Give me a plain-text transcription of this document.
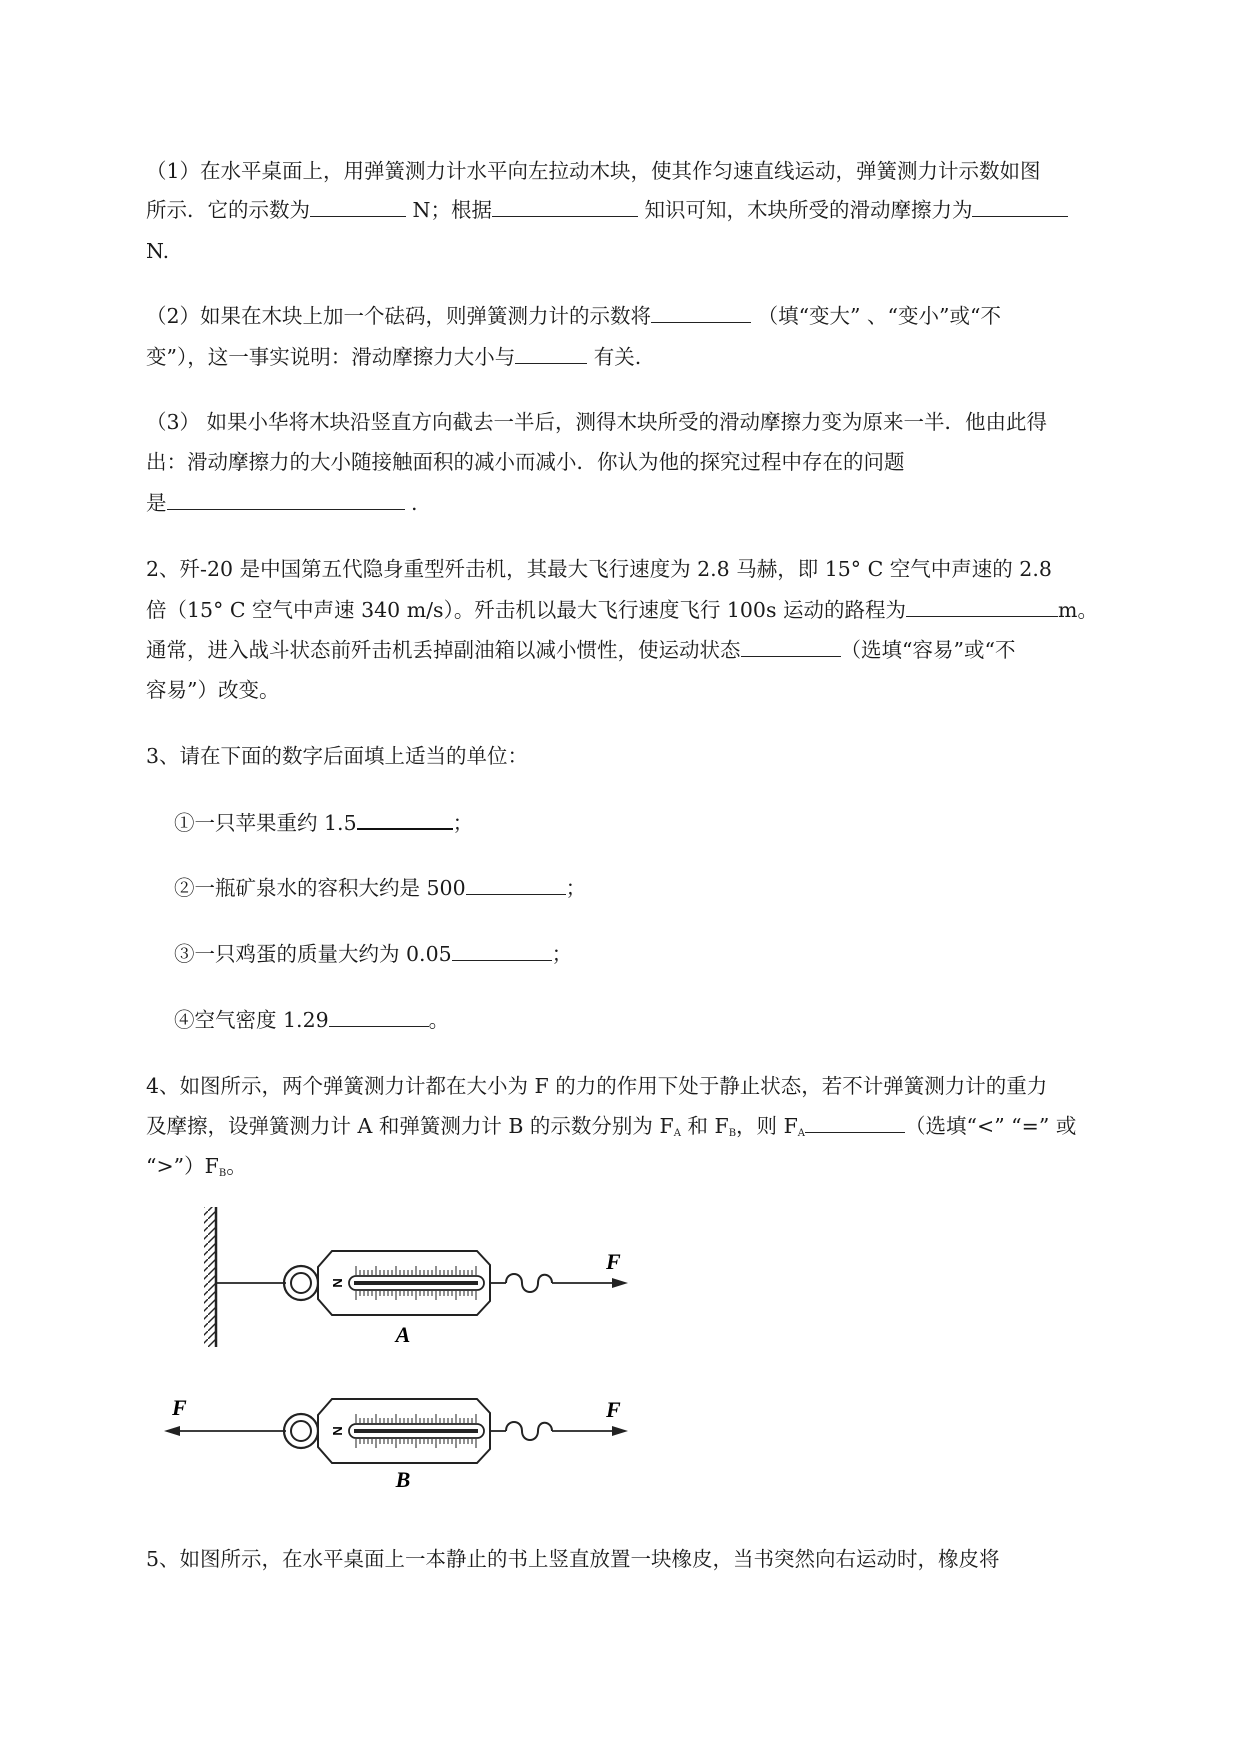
（1）在水平桌面上，用弹簧测力计水平向左拉动木块，使其作匀速直线运动，弹簧测力计示数如图
所示．它的示数为	N；根据	知识可知，木块所受的滑动摩擦力为
N.
（2）如果在木块上加一个砝码，则弹簧测力计的示数将	（填“变大” 、“变小”或“不
变”），这一事实说明：滑动摩擦力大小与	有关.
（3） 如果小华将木块沿竖直方向截去一半后，测得木块所受的滑动摩擦力变为原来一半．他由此得
出：滑动摩擦力的大小随接触面积的减小而减小．你认为他的探究过程中存在的问题
是	.
2、歼-20 是中国第五代隐身重型歼击机，其最大飞行速度为 2.8 马赫，即 15° C 空气中声速的 2.8
倍（15° C 空气中声速 340 m/s）。歼击机以最大飞行速度飞行 100s 运动的路程为	m。
通常，进入战斗状态前歼击机丢掉副油箱以减小惯性，使运动状态	（选填“容易”或“不
容易”）改变。
3、请在下面的数字后面填上适当的单位：
①一只苹果重约 1.5	；
②一瓶矿泉水的容积大约是 500	；
③一只鸡蛋的质量大约为 0.05	；
④空气密度 1.29	。
4、如图所示，两个弹簧测力计都在大小为 F 的力的作用下处于静止状态，若不计弹簧测力计的重力
及摩擦，设弹簧测力计 A 和弹簧测力计 B 的示数分别为 $F_A$ 和 $F_B$，则 $F_A$	（选填“<” “=” 或
“$>”)F_B$。
N
F
A
F
N
F
B
5、如图所示，在水平桌面上一本静止的书上竖直放置一块橡皮，当书突然向右运动时，橡皮将
